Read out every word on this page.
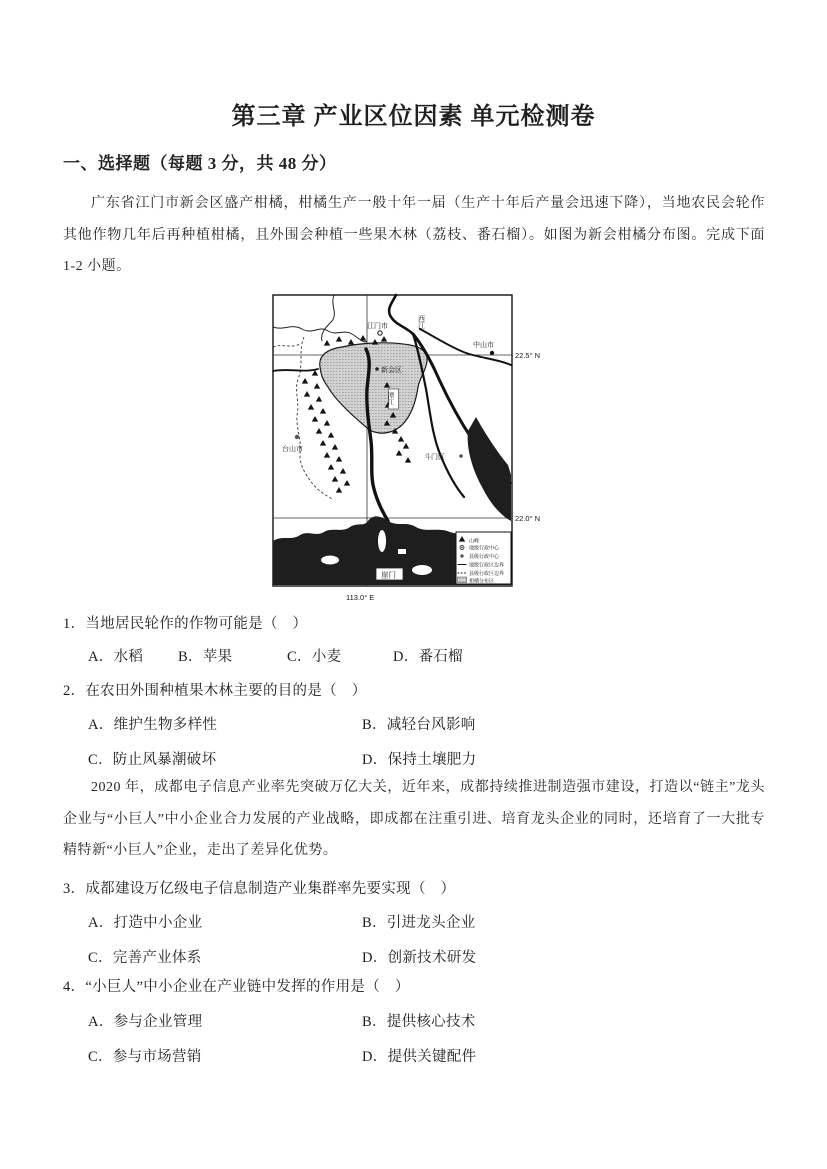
第三章 产业区位因素 单元检测卷
一、选择题（每题 3 分，共 48 分）
广东省江门市新会区盛产柑橘，柑橘生产一般十年一届（生产十年后产量会迅速下降），当地农民会轮作其他作物几年后再种植柑橘，且外围会种植一些果木林（荔枝、番石榴）。如图为新会柑橘分布图。完成下面 1-2 小题。
江门市	西江
中山市
新会区
台山市
斗门区
潭江
崖门
22.5° N
22.0° N
113.0° E
山峰
地级行政中心
县级行政中心
地级行政区边界
县级行政区边界
柑橘分布区
1．当地居民轮作的作物可能是（　）
A．水稻	B．苹果	C．小麦	D．番石榴
2．在农田外围种植果木林主要的目的是（　）
A．维护生物多样性	B．减轻台风影响
C．防止风暴潮破坏	D．保持土壤肥力
2020 年，成都电子信息产业率先突破万亿大关，近年来，成都持续推进制造强市建设，打造以“链主”龙头企业与“小巨人”中小企业合力发展的产业战略，即成都在注重引进、培育龙头企业的同时，还培育了一大批专精特新“小巨人”企业，走出了差异化优势。
3．成都建设万亿级电子信息制造产业集群率先要实现（　）
A．打造中小企业	B．引进龙头企业
C．完善产业体系	D．创新技术研发
4．“小巨人”中小企业在产业链中发挥的作用是（　）
A．参与企业管理	B．提供核心技术
C．参与市场营销	D．提供关键配件
